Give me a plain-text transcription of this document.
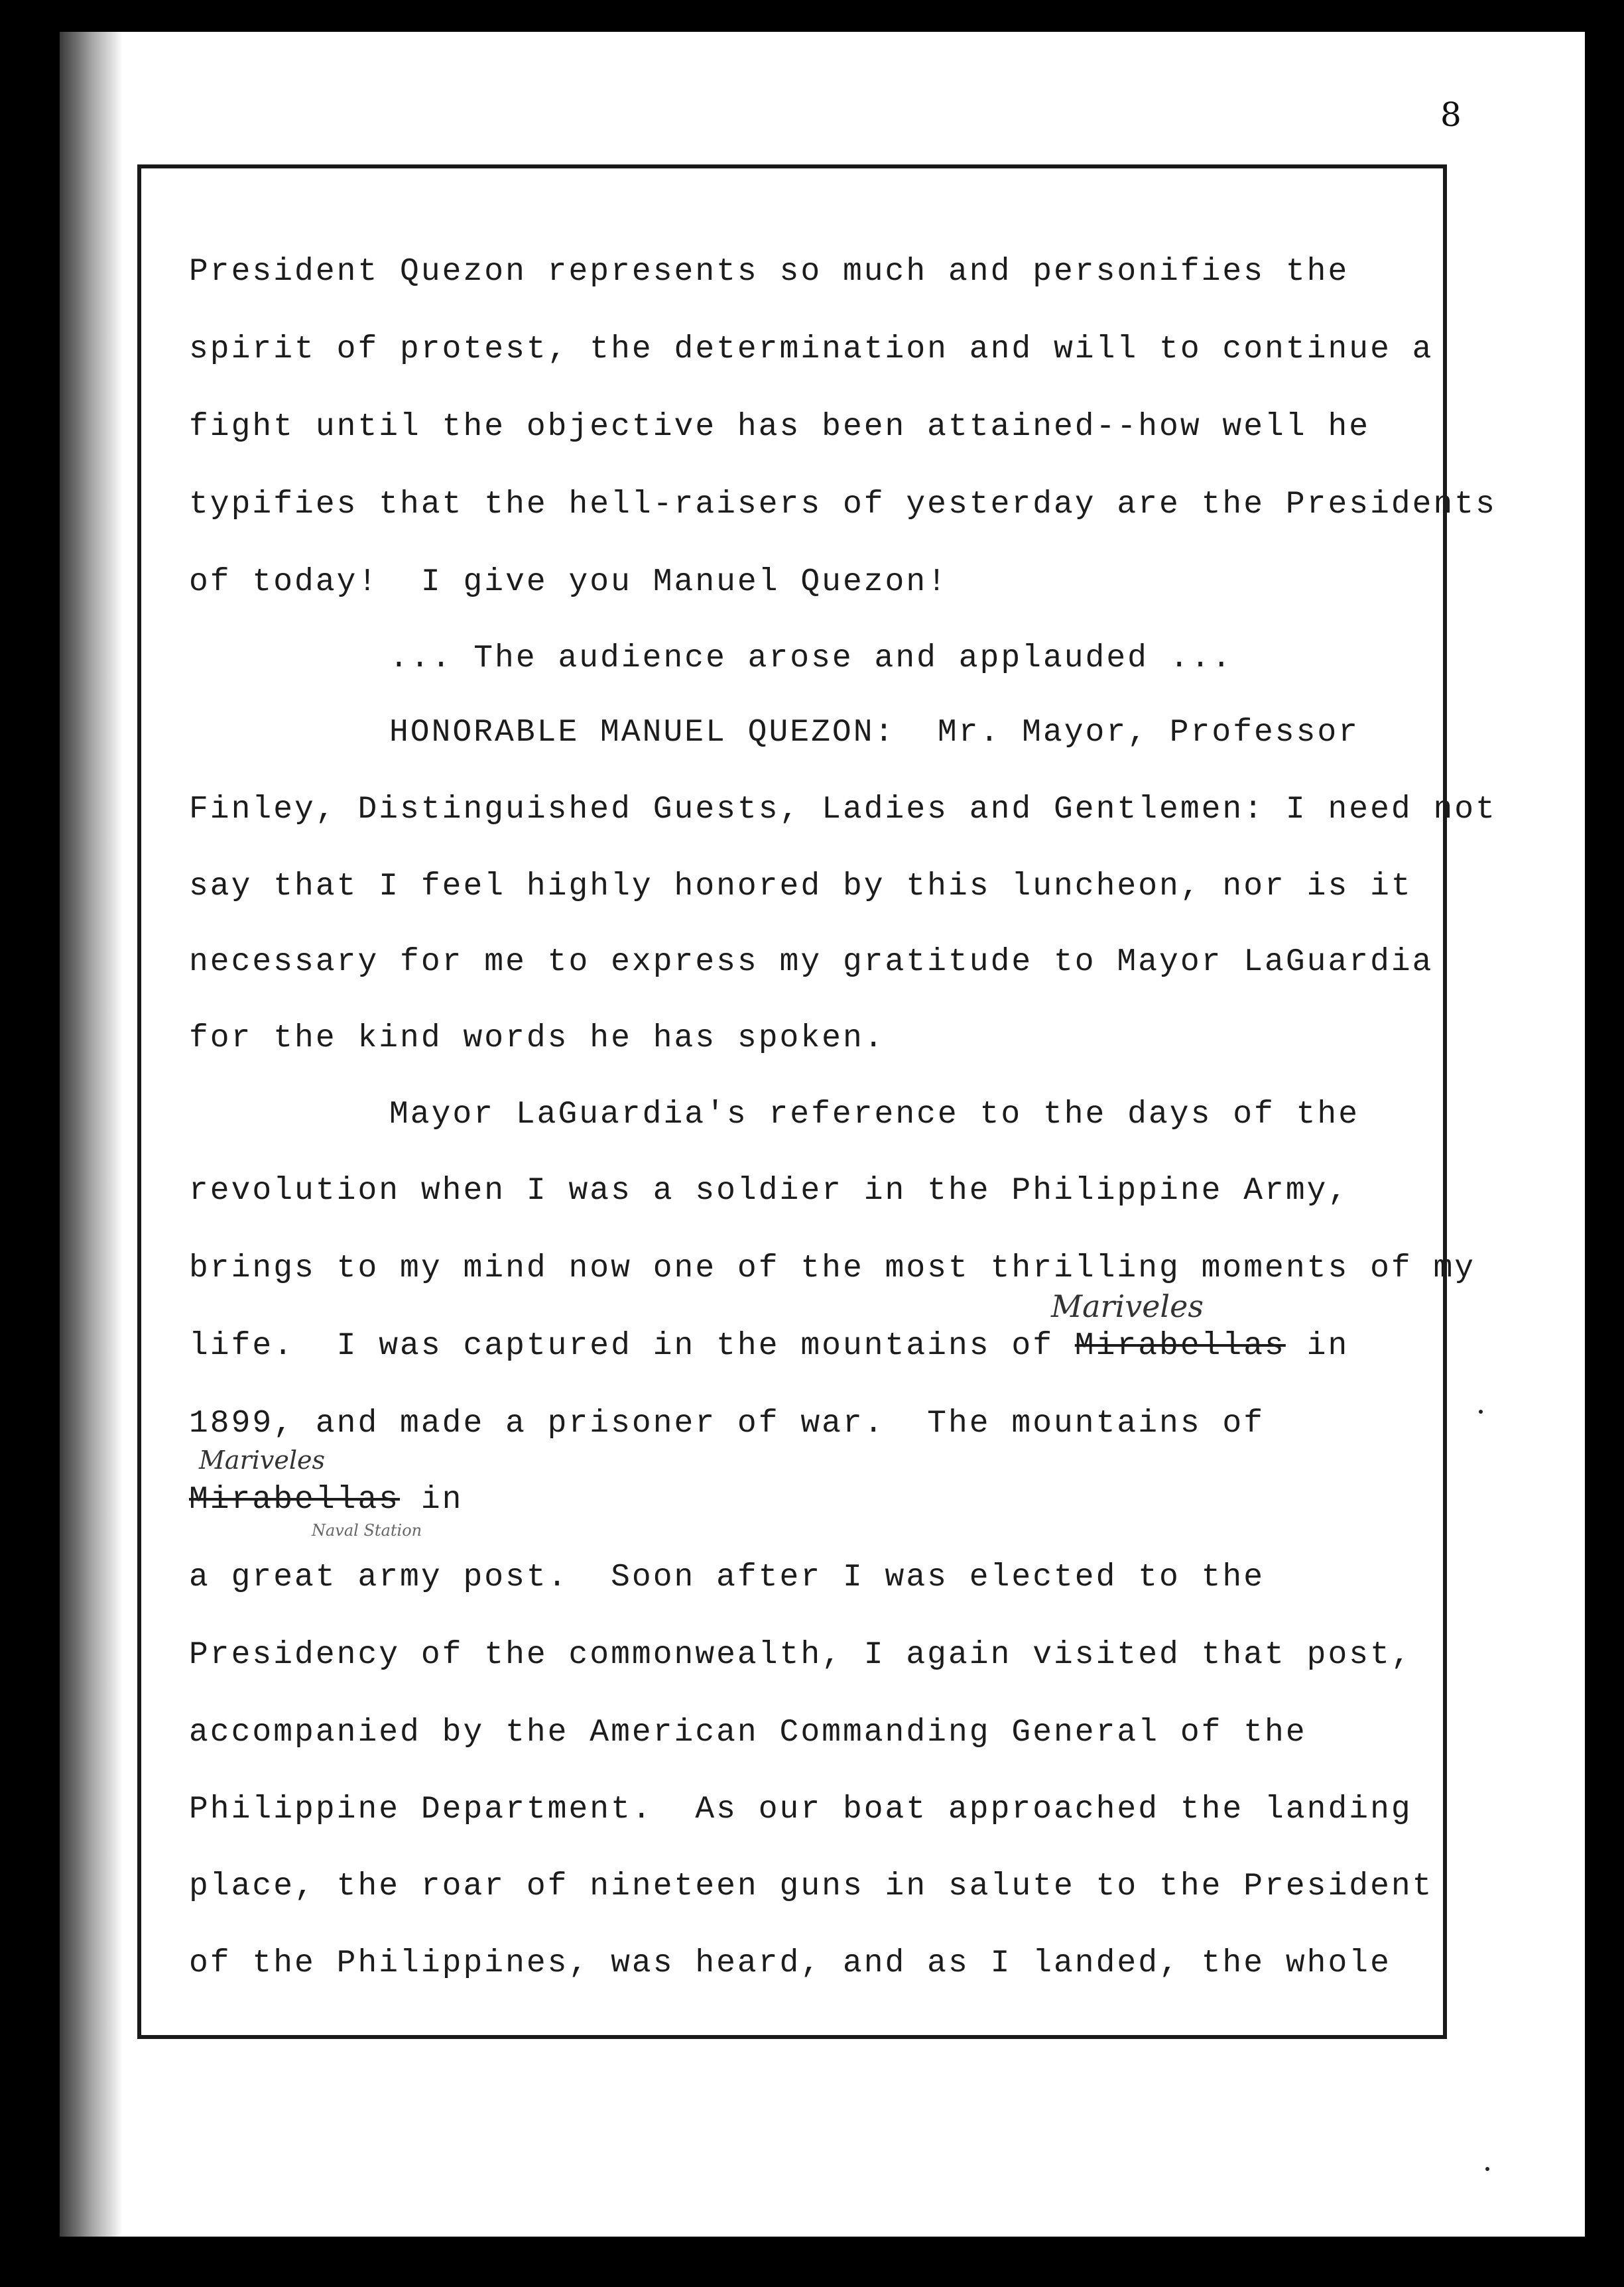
8
President Quezon represents so much and personifies the
spirit of protest, the determination and will to continue a
fight until the objective has been attained--how well he
typifies that the hell-raisers of yesterday are the Presidents
of today!  I give you Manuel Quezon!
... The audience arose and applauded ...
HONORABLE MANUEL QUEZON:  Mr. Mayor, Professor
Finley, Distinguished Guests, Ladies and Gentlemen: I need not
say that I feel highly honored by this luncheon, nor is it
necessary for me to express my gratitude to Mayor LaGuardia
for the kind words he has spoken.
Mayor LaGuardia's reference to the days of the
revolution when I was a soldier in the Philippine Army,
brings to my mind now one of the most thrilling moments of my
life.  I was captured in the mountains of Mirabellas in
Mariveles
1899, and made a prisoner of war.  The mountains of
Mariveles
Mirabellas in
Naval Station
a great army post.  Soon after I was elected to the
Presidency of the commonwealth, I again visited that post,
accompanied by the American Commanding General of the
Philippine Department.  As our boat approached the landing
place, the roar of nineteen guns in salute to the President
of the Philippines, was heard, and as I landed, the whole
